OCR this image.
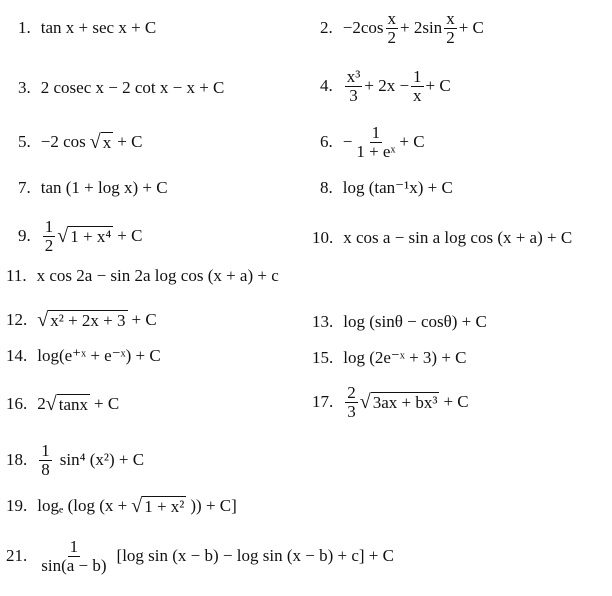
1. tan x + sec x + C	2. $-2\cos \frac{x}{2} + 2\sin \frac{x}{2} + C$
3. 2 cosec x − 2 cot x − x + C	4. $\frac{\text{x³}}{3} + 2x - \frac{1}{x} + C$
5. −2 cos √ x + C	6. − $\frac{1}{\text{1 + eˣ}} + C$
7. tan (1 + log x) + C	8. log (tan⁻¹x) + C
9. $\frac{1}{2}$ √ 1 + x⁴ + C	10. x cos a − sin a log cos (x + a) + C
11. x cos 2a − sin 2a log cos (x + a) + c
12. √ x² + 2x + 3 + C	13. log (sinθ − cosθ) + C
14. log(e⁺ˣ + e⁻ˣ) + C	15. log (2e⁻ˣ + 3) + C
16. 2 √ tanx + C	17. $\frac{2}{3}$ √ 3ax + bx³ + C
18. $\frac{1}{8} \sin^4$ (x²) + C
19. logₑ (log (x + √ 1 + x² )) + C]
21. $\frac{1}{\sin(a - b)} [\log$ sin (x − b) − log sin (x − b) + c] + C
